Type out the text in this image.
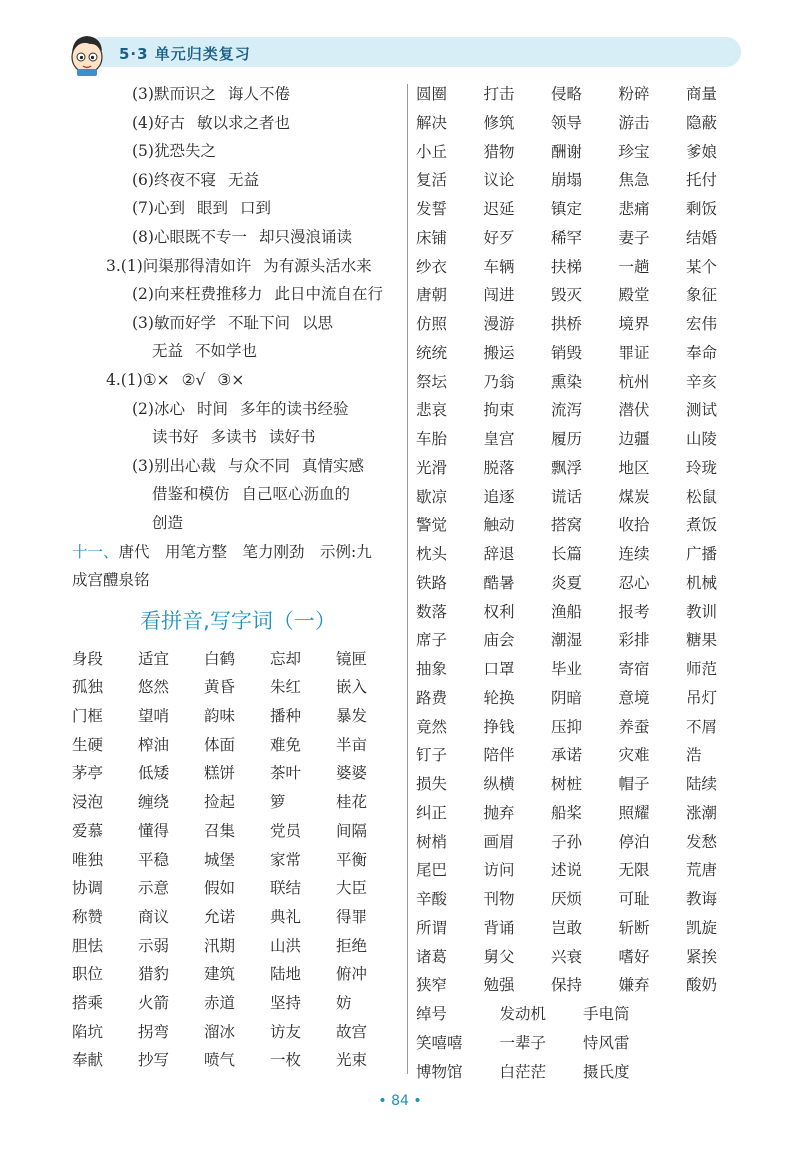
5·3 单元归类复习
(3)默而识之 诲人不倦
(4)好古 敏以求之者也
(5)犹恐失之
(6)终夜不寝 无益
(7)心到 眼到 口到
(8)心眼既不专一 却只漫浪诵读
3.(1)问渠那得清如许 为有源头活水来
(2)向来枉费推移力 此日中流自在行
(3)敏而好学 不耻下问 以思
无益 不如学也
4.(1)①× ②√ ③×
(2)冰心 时间 多年的读书经验
读书好 多读书 读好书
(3)别出心裁 与众不同 真情实感
借鉴和模仿 自己呕心沥血的
创造
十一、唐代　用笔方整　笔力刚劲　示例:九
成宫醴泉铭
看拼音,写字词（一）
身段 适宜 白鹤 忘却 镜匣
孤独 悠然 黄昏 朱红 嵌入
门框 望哨 韵味 播种 暴发
生硬 榨油 体面 难免 半亩
茅亭 低矮 糕饼 茶叶 婆婆
浸泡 缠绕 捡起 箩	桂花
爱慕 懂得 召集 党员 间隔
唯独 平稳 城堡 家常 平衡
协调 示意 假如 联结 大臣
称赞 商议 允诺 典礼 得罪
胆怯 示弱 汛期 山洪 拒绝
职位 猎豹 建筑 陆地 俯冲
搭乘 火箭 赤道 坚持 妨
陷坑 拐弯 溜冰 访友 故宫
奉献 抄写 喷气 一枚 光束
圆圈 打击 侵略 粉碎 商量
解决 修筑 领导 游击 隐蔽
小丘 猎物 酬谢 珍宝 爹娘
复活 议论 崩塌 焦急 托付
发誓 迟延 镇定 悲痛 剩饭
床铺 好歹 稀罕 妻子 结婚
纱衣 车辆 扶梯 一趟 某个
唐朝 闯进 毁灭 殿堂 象征
仿照 漫游 拱桥 境界 宏伟
统统 搬运 销毁 罪证 奉命
祭坛 乃翁 熏染 杭州 辛亥
悲哀 拘束 流泻 潜伏 测试
车胎 皇宫 履历 边疆 山陵
光滑 脱落 飘浮 地区 玲珑
歇凉 追逐 谎话 煤炭 松鼠
警觉 触动 搭窝 收拾 煮饭
枕头 辞退 长篇 连续 广播
铁路 酷暑 炎夏 忍心 机械
数落 权利 渔船 报考 教训
席子 庙会 潮湿 彩排 糖果
抽象 口罩 毕业 寄宿 师范
路费 轮换 阴暗 意境 吊灯
竟然 挣钱 压抑 养蚕 不屑
钉子 陪伴 承诺 灾难 浩
损失 纵横 树桩 帽子 陆续
纠正 抛弃 船桨 照耀 涨潮
树梢 画眉 子孙 停泊 发愁
尾巴 访问 述说 无限 荒唐
辛酸 刊物 厌烦 可耻 教诲
所谓 背诵 岂敢 斩断 凯旋
诸葛 舅父 兴衰 嗜好 紧挨
狭窄 勉强 保持 嫌弃 酸奶
绰号	发动机 手电筒
笑嘻嘻 一辈子 恃风雷
博物馆 白茫茫 摄氏度
• 84 •
